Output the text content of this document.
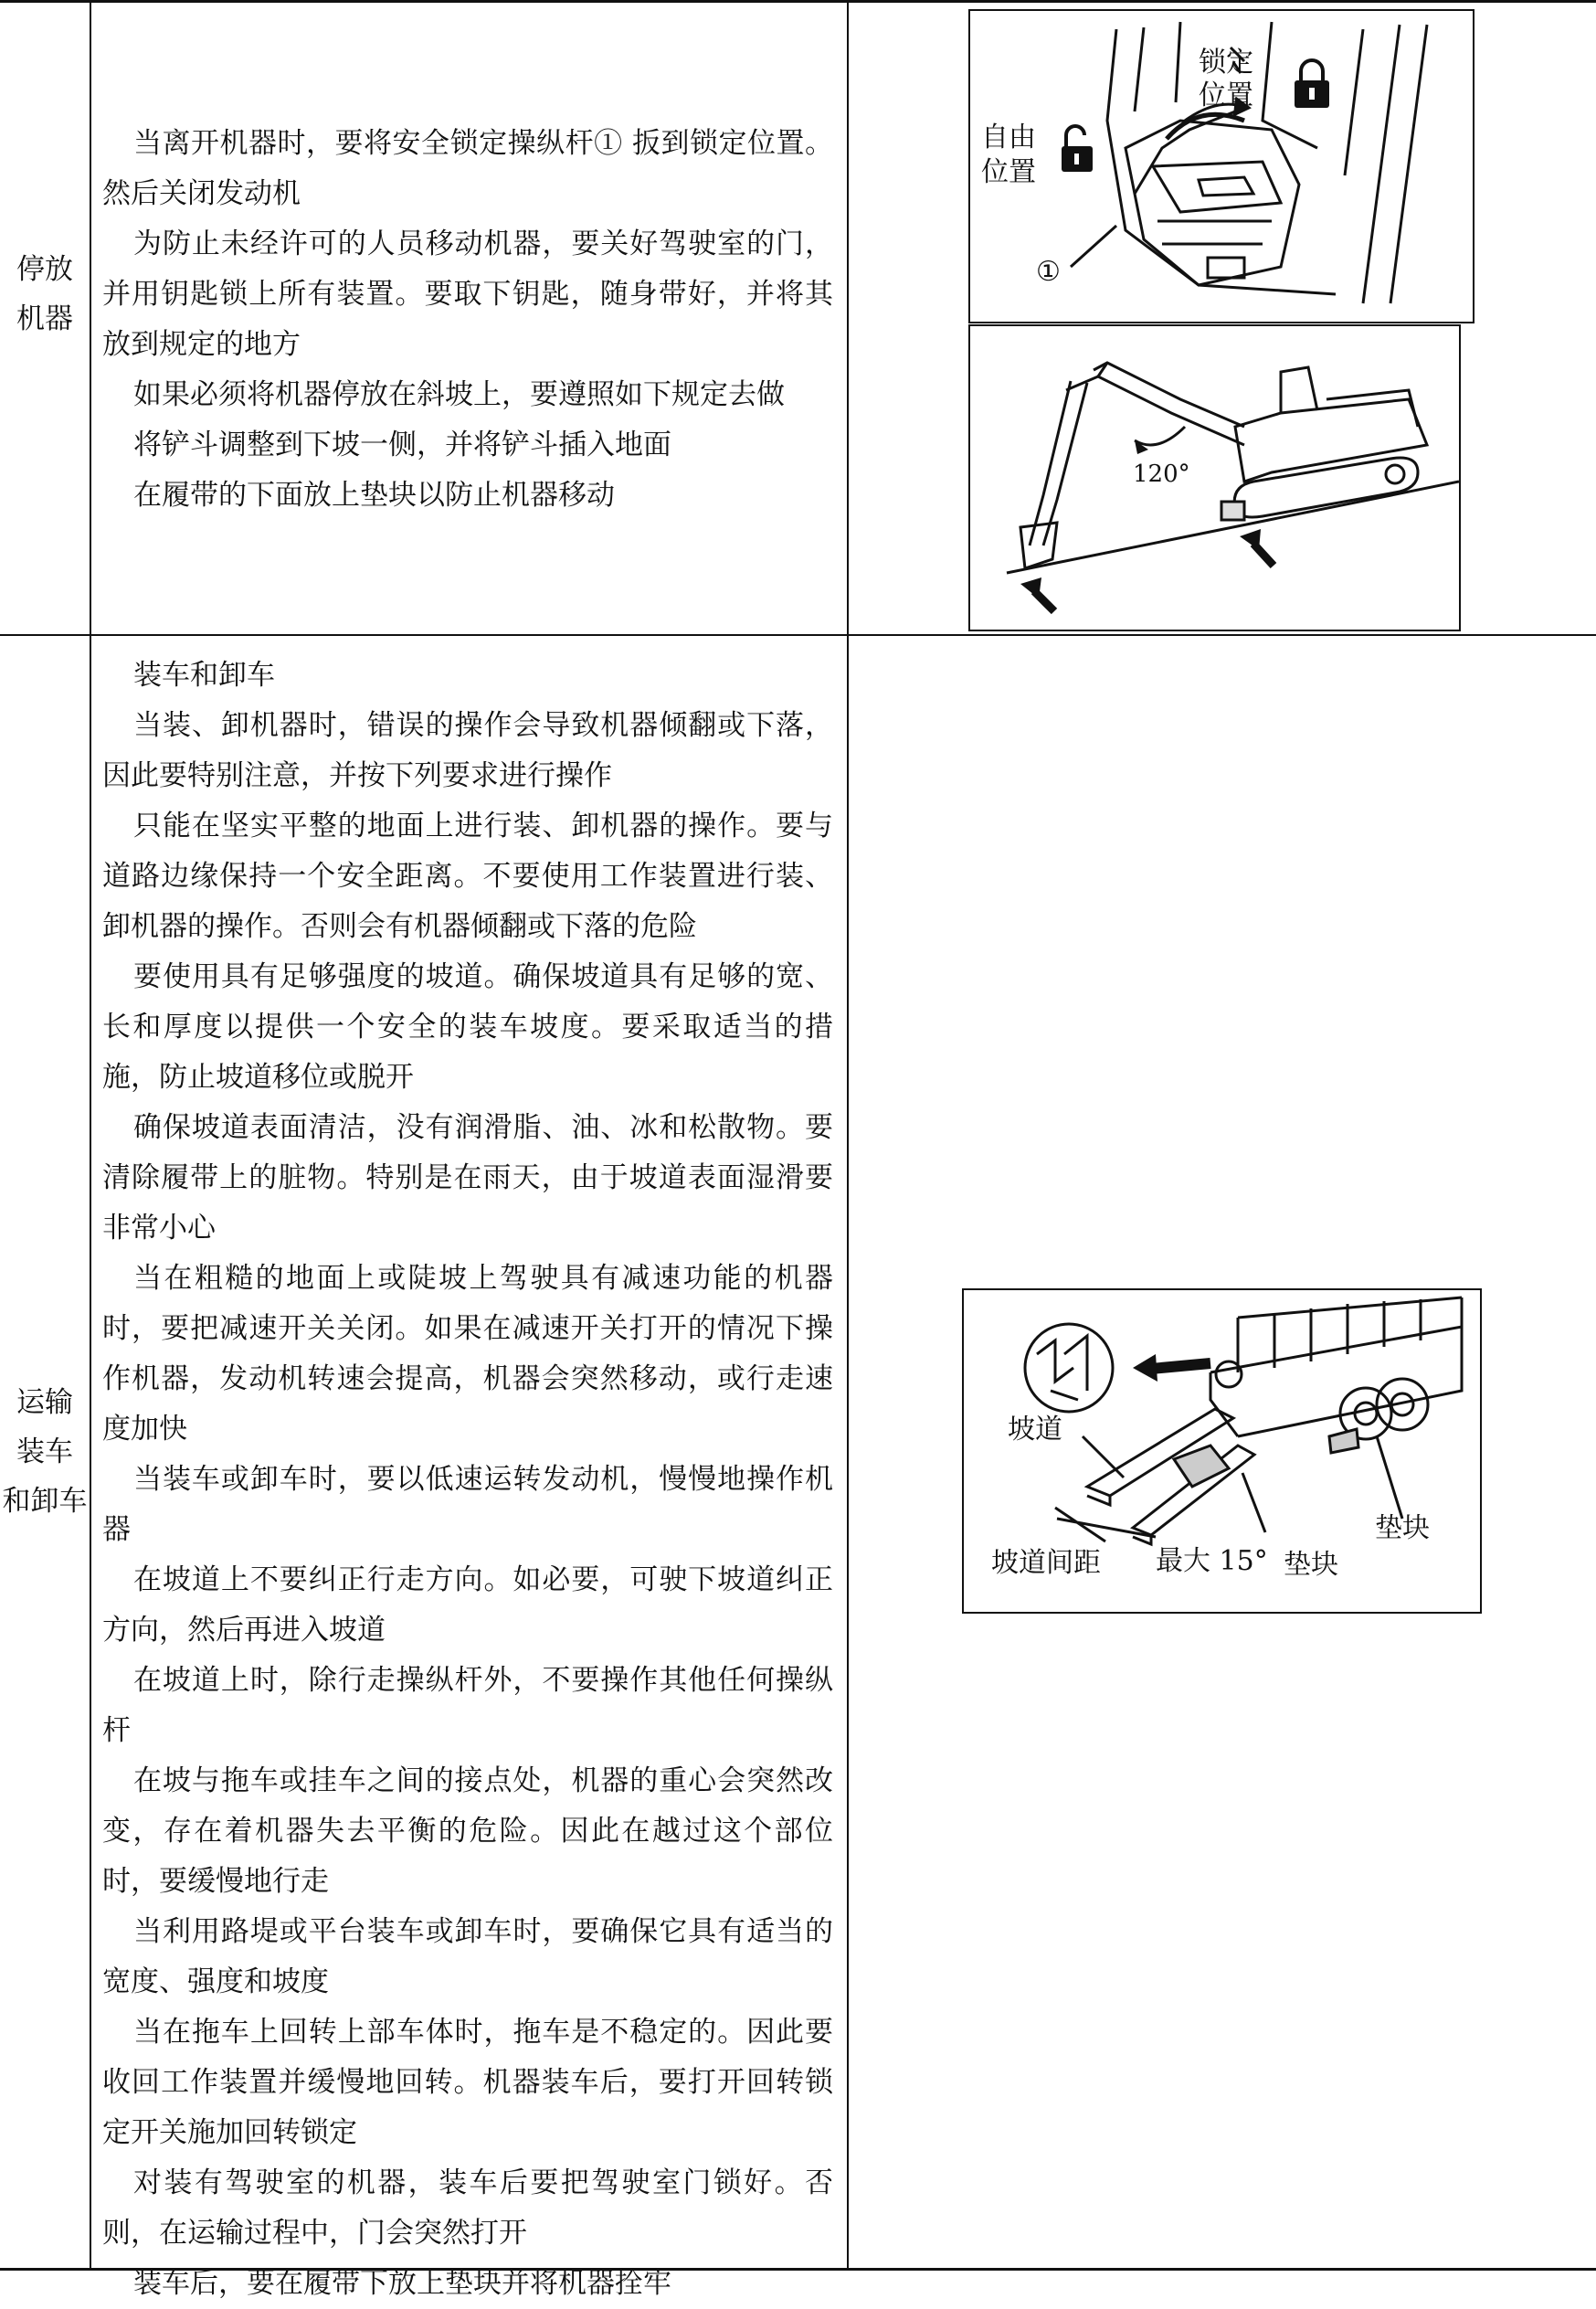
停放
机器

当离开机器时，要将安全锁定操纵杆① 扳到锁定位置。然后关闭发动机

为防止未经许可的人员移动机器，要关好驾驶室的门，并用钥匙锁上所有装置。要取下钥匙，随身带好，并将其放到规定的地方

如果必须将机器停放在斜坡上，要遵照如下规定去做

将铲斗调整到下坡一侧，并将铲斗插入地面

在履带的下面放上垫块以防止机器移动

自由
位置
锁定
位置
①
120°
运输
装车
和卸车

装车和卸车

当装、卸机器时，错误的操作会导致机器倾翻或下落，因此要特别注意，并按下列要求进行操作

只能在坚实平整的地面上进行装、卸机器的操作。要与道路边缘保持一个安全距离。不要使用工作装置进行装、卸机器的操作。否则会有机器倾翻或下落的危险

要使用具有足够强度的坡道。确保坡道具有足够的宽、长和厚度以提供一个安全的装车坡度。要采取适当的措施，防止坡道移位或脱开

确保坡道表面清洁，没有润滑脂、油、冰和松散物。要清除履带上的脏物。特别是在雨天，由于坡道表面湿滑要非常小心

当在粗糙的地面上或陡坡上驾驶具有减速功能的机器时，要把减速开关关闭。如果在减速开关打开的情况下操作机器，发动机转速会提高，机器会突然移动，或行走速度加快

当装车或卸车时，要以低速运转发动机，慢慢地操作机器

在坡道上不要纠正行走方向。如必要，可驶下坡道纠正方向，然后再进入坡道

在坡道上时，除行走操纵杆外，不要操作其他任何操纵杆

在坡与拖车或挂车之间的接点处，机器的重心会突然改变，存在着机器失去平衡的危险。因此在越过这个部位时，要缓慢地行走

当利用路堤或平台装车或卸车时，要确保它具有适当的宽度、强度和坡度

当在拖车上回转上部车体时，拖车是不稳定的。因此要收回工作装置并缓慢地回转。机器装车后，要打开回转锁定开关施加回转锁定

对装有驾驶室的机器，装车后要把驾驶室门锁好。否则，在运输过程中，门会突然打开

装车后，要在履带下放上垫块并将机器拴牢

坡道
坡道间距 最大 15° 垫块
垫块
